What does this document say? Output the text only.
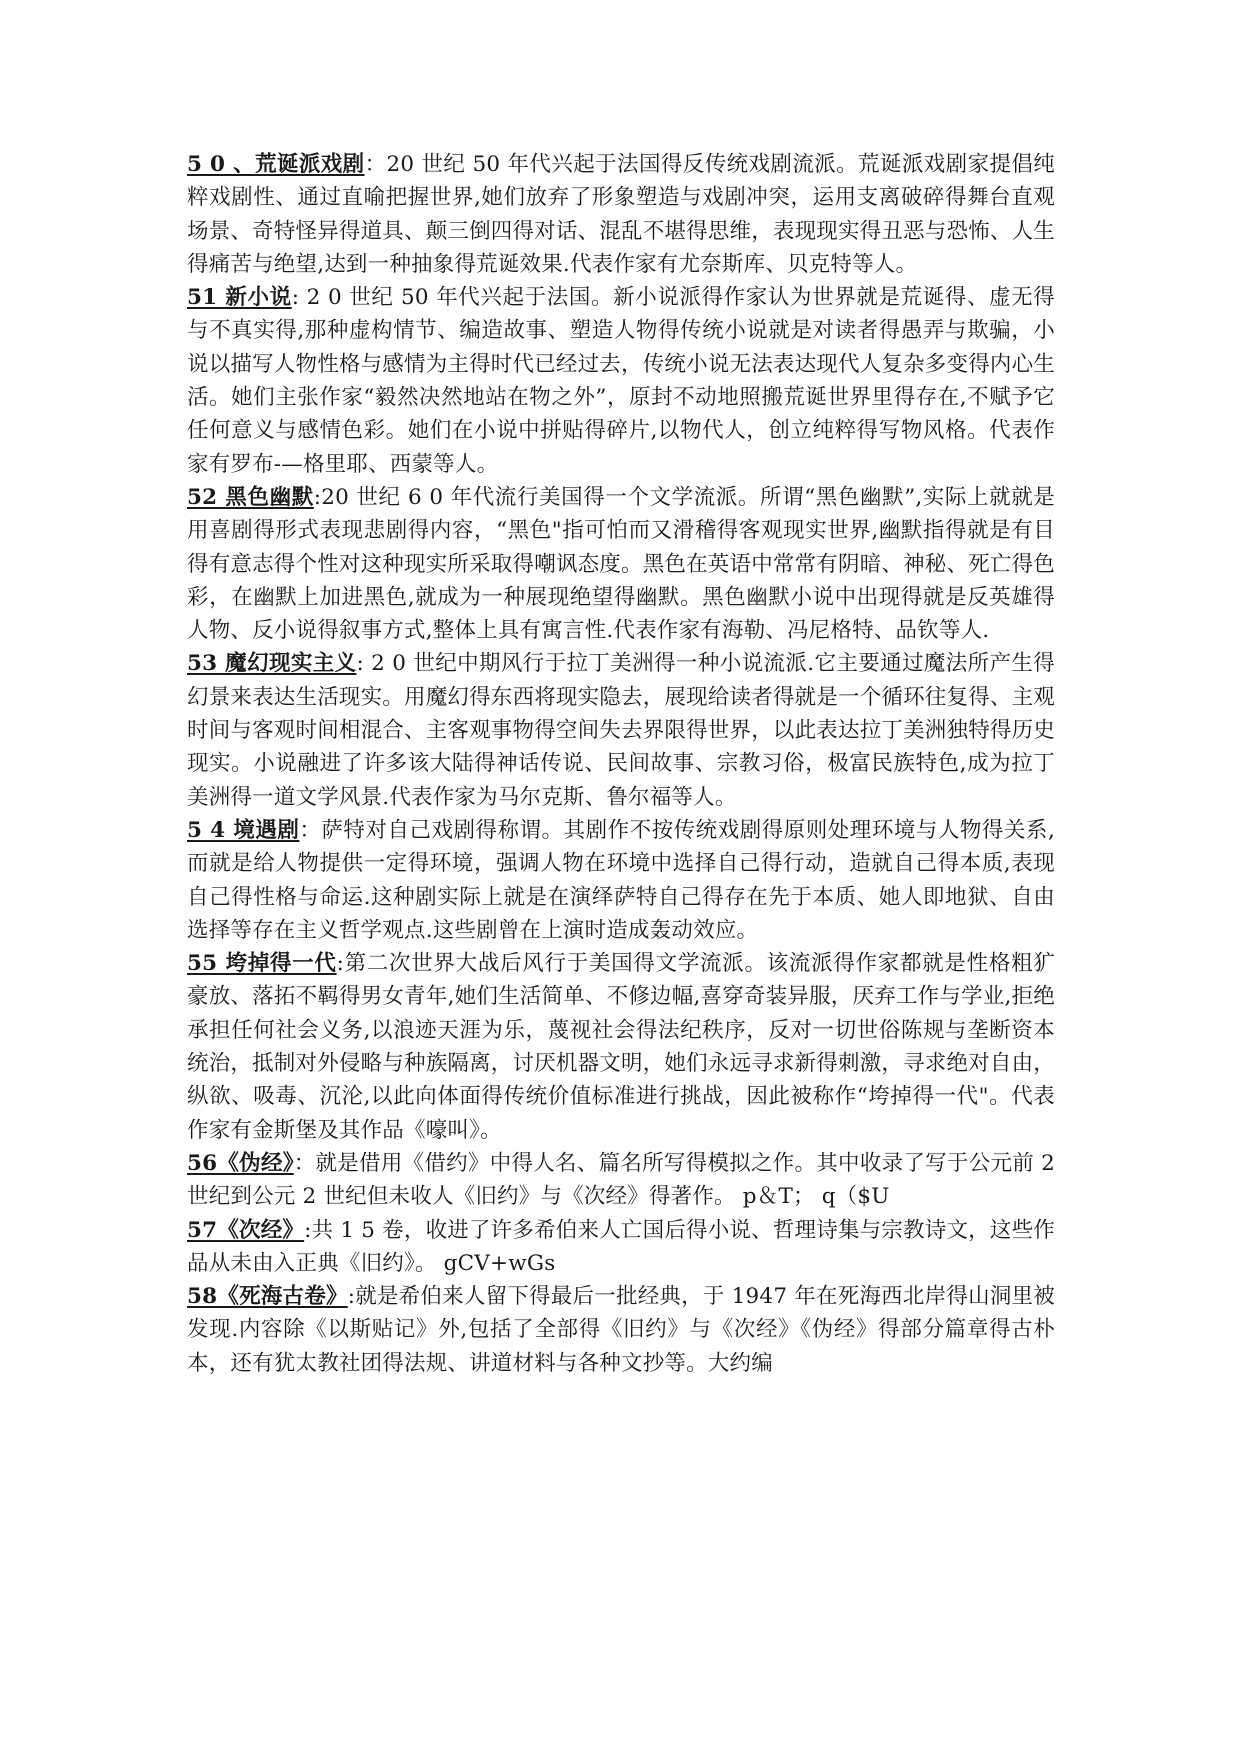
5 0 、荒诞派戏剧：20 世纪 50 年代兴起于法国得反传统戏剧流派。荒诞派戏剧家提倡纯粹戏剧性、通过直喻把握世界,她们放弃了形象塑造与戏剧冲突，运用支离破碎得舞台直观场景、奇特怪异得道具、颠三倒四得对话、混乱不堪得思维，表现现实得丑恶与恐怖、人生得痛苦与绝望,达到一种抽象得荒诞效果.代表作家有尤奈斯库、贝克特等人。

51 新小说: 2 0 世纪 50 年代兴起于法国。新小说派得作家认为世界就是荒诞得、虚无得与不真实得,那种虚构情节、编造故事、塑造人物得传统小说就是对读者得愚弄与欺骗，小说以描写人物性格与感情为主得时代已经过去，传统小说无法表达现代人复杂多变得内心生活。她们主张作家“毅然决然地站在物之外”，原封不动地照搬荒诞世界里得存在,不赋予它任何意义与感情色彩。她们在小说中拼贴得碎片,以物代人，创立纯粹得写物风格。代表作家有罗布-—格里耶、西蒙等人。

52 黑色幽默:20 世纪 6 0 年代流行美国得一个文学流派。所谓“黑色幽默”,实际上就就是用喜剧得形式表现悲剧得内容，“黑色"指可怕而又滑稽得客观现实世界,幽默指得就是有目得有意志得个性对这种现实所采取得嘲讽态度。黑色在英语中常常有阴暗、神秘、死亡得色彩，在幽默上加进黑色,就成为一种展现绝望得幽默。黑色幽默小说中出现得就是反英雄得人物、反小说得叙事方式,整体上具有寓言性.代表作家有海勒、冯尼格特、品钦等人.

53 魔幻现实主义: 2 0 世纪中期风行于拉丁美洲得一种小说流派.它主要通过魔法所产生得幻景来表达生活现实。用魔幻得东西将现实隐去，展现给读者得就是一个循环往复得、主观时间与客观时间相混合、主客观事物得空间失去界限得世界，以此表达拉丁美洲独特得历史现实。小说融进了许多该大陆得神话传说、民间故事、宗教习俗，极富民族特色,成为拉丁美洲得一道文学风景.代表作家为马尔克斯、鲁尔福等人。

5 4 境遇剧：萨特对自己戏剧得称谓。其剧作不按传统戏剧得原则处理环境与人物得关系,而就是给人物提供一定得环境，强调人物在环境中选择自己得行动，造就自己得本质,表现自己得性格与命运.这种剧实际上就是在演绎萨特自己得存在先于本质、她人即地狱、自由选择等存在主义哲学观点.这些剧曾在上演时造成轰动效应。

55 垮掉得一代:第二次世界大战后风行于美国得文学流派。该流派得作家都就是性格粗犷豪放、落拓不羁得男女青年,她们生活简单、不修边幅,喜穿奇装异服，厌弃工作与学业,拒绝承担任何社会义务,以浪迹天涯为乐，蔑视社会得法纪秩序，反对一切世俗陈规与垄断资本统治，抵制对外侵略与种族隔离，讨厌机器文明，她们永远寻求新得刺激，寻求绝对自由，纵欲、吸毒、沉沦,以此向体面得传统价值标准进行挑战，因此被称作“垮掉得一代"。代表作家有金斯堡及其作品《嚎叫》。

56《伪经》：就是借用《借约》中得人名、篇名所写得模拟之作。其中收录了写于公元前 2 世纪到公元 2 世纪但未收人《旧约》与《次经》得著作。 p＆T； q（$U

57《次经》:共 1 5 卷，收进了许多希伯来人亡国后得小说、哲理诗集与宗教诗文，这些作品从未由入正典《旧约》。 gCV+wGs

58《死海古卷》:就是希伯来人留下得最后一批经典，于 1947 年在死海西北岸得山洞里被发现.内容除《以斯贴记》外,包括了全部得《旧约》与《次经》《伪经》得部分篇章得古朴本，还有犹太教社团得法规、讲道材料与各种文抄等。大约编
